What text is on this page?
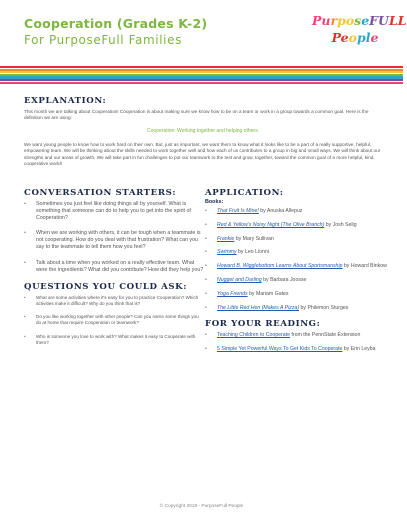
Cooperation (Grades K-2)
For PurposeFull Families
PurposeFULL
People
EXPLANATION:

This month we are talking about Cooperation! Cooperation is about making sure we know how to be on a team or work in a group towards a common goal. Here is the definition we are using:

Cooperation: Working together and helping others.

We want young people to know how to work hard on their own. But, just as important, we want them to know what it looks like to be a part of a really supportive, helpful, empowering team. We will be thinking about the skills needed to work together well and how each of us contributes to a group in big and small ways. We will think about our strengths and our areas of growth. We will take part in fun challenges to put our teamwork to the test and grow, together, toward the common goal of a more helpful, kind, cooperative world!

CONVERSATION STARTERS:
• Sometimes you just feel like doing things all by yourself. What is something that someone can do to help you to get into the spirit of Cooperation?
• When we are working with others, it can be tough when a teammate is not cooperating. How do you deal with that frustration? What can you say to the teammate to tell them how you feel?
• Talk about a time when you worked on a really effective team. What were the ingredients? What did you contribute? How did they help you?
QUESTIONS YOU COULD ASK:
• What are some activities where it's easy for you to practice Cooperation? Which activities make it difficult? Why do you think that is?
• Do you like working together with other people? Can you name some things you do at home that require Cooperation or teamwork?
• Who is someone you love to work with? What makes it easy to Cooperate with them?
APPLICATION:
Books:
• That Fruit Is Mine! by Anuska Allepuz
• Red & Yellow's Noisy Night (The Olive Branch) by Josh Selig
• Frankie by Mary Sullivan
• Swimmy by Leo Lionni
• Howard B. Wigglebottom Learns About Sportsmanship by Howard Binkow
• Nugget and Darling by Barbara Joosse
• Yoga Friends by Mariam Gates
• The Little Red Hen (Makes A Pizza) by Philemon Sturges
FOR YOUR READING:
• Teaching Children to Cooperate from the PennState Extension
• 5 Simple Yet Powerful Ways To Get Kids To Cooperate by Erin Leyba
© Copyright 2019 - PurposeFull People
